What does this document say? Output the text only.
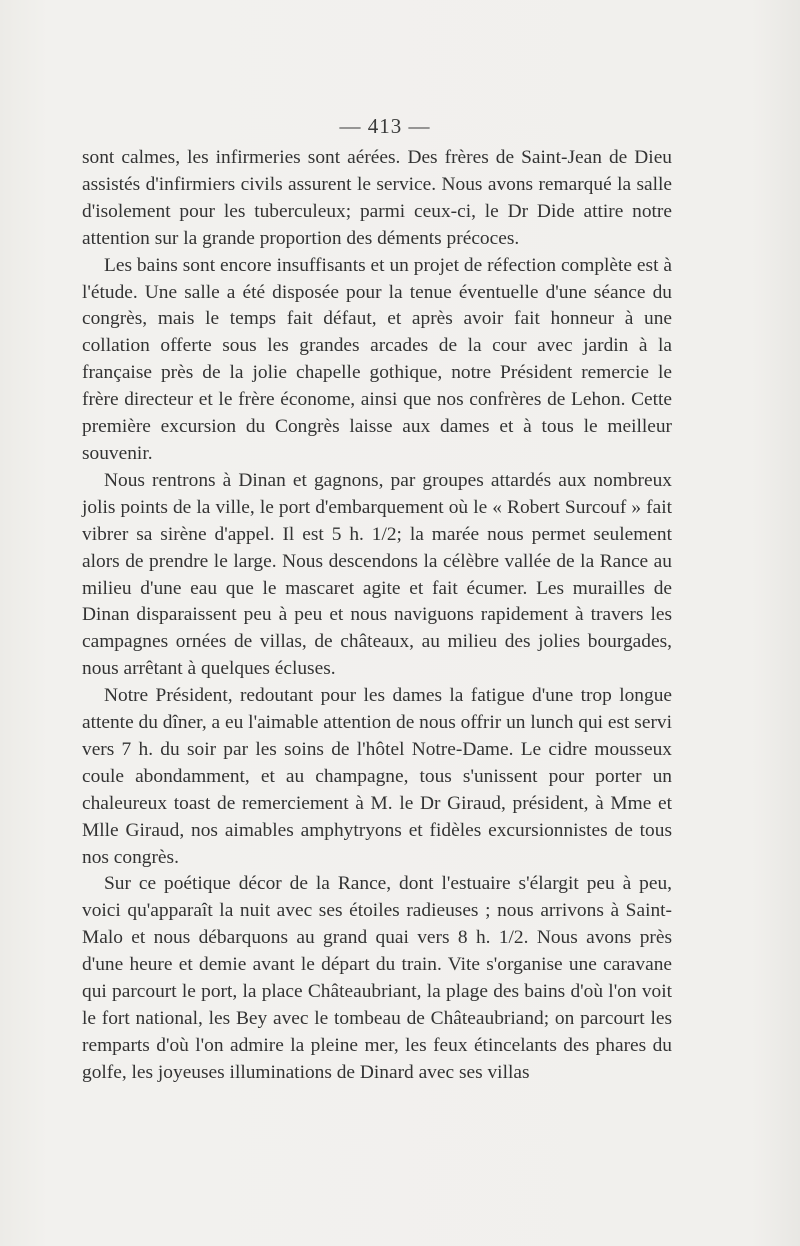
— 413 —

sont calmes, les infirmeries sont aérées. Des frères de Saint-Jean de Dieu assistés d'infirmiers civils assurent le service. Nous avons remarqué la salle d'isolement pour les tuberculeux; parmi ceux-ci, le Dr Dide attire notre attention sur la grande proportion des déments précoces.

Les bains sont encore insuffisants et un projet de réfection complète est à l'étude. Une salle a été disposée pour la tenue éventuelle d'une séance du congrès, mais le temps fait défaut, et après avoir fait honneur à une collation offerte sous les grandes arcades de la cour avec jardin à la française près de la jolie chapelle gothique, notre Président remercie le frère directeur et le frère économe, ainsi que nos confrères de Lehon. Cette première excursion du Congrès laisse aux dames et à tous le meilleur souvenir.

Nous rentrons à Dinan et gagnons, par groupes attardés aux nombreux jolis points de la ville, le port d'embarquement où le « Robert Surcouf » fait vibrer sa sirène d'appel. Il est 5 h. 1/2; la marée nous permet seulement alors de prendre le large. Nous descendons la célèbre vallée de la Rance au milieu d'une eau que le mascaret agite et fait écumer. Les murailles de Dinan disparaissent peu à peu et nous naviguons rapidement à travers les campagnes ornées de villas, de châteaux, au milieu des jolies bourgades, nous arrêtant à quelques écluses.

Notre Président, redoutant pour les dames la fatigue d'une trop longue attente du dîner, a eu l'aimable attention de nous offrir un lunch qui est servi vers 7 h. du soir par les soins de l'hôtel Notre-Dame. Le cidre mousseux coule abondamment, et au champagne, tous s'unissent pour porter un chaleureux toast de remerciement à M. le Dr Giraud, président, à Mme et Mlle Giraud, nos aimables amphytryons et fidèles excursionnistes de tous nos congrès.

Sur ce poétique décor de la Rance, dont l'estuaire s'élargit peu à peu, voici qu'apparaît la nuit avec ses étoiles radieuses ; nous arrivons à Saint-Malo et nous débarquons au grand quai vers 8 h. 1/2. Nous avons près d'une heure et demie avant le départ du train. Vite s'organise une caravane qui parcourt le port, la place Châteaubriant, la plage des bains d'où l'on voit le fort national, les Bey avec le tombeau de Châteaubriand; on parcourt les remparts d'où l'on admire la pleine mer, les feux étincelants des phares du golfe, les joyeuses illuminations de Dinard avec ses villas
